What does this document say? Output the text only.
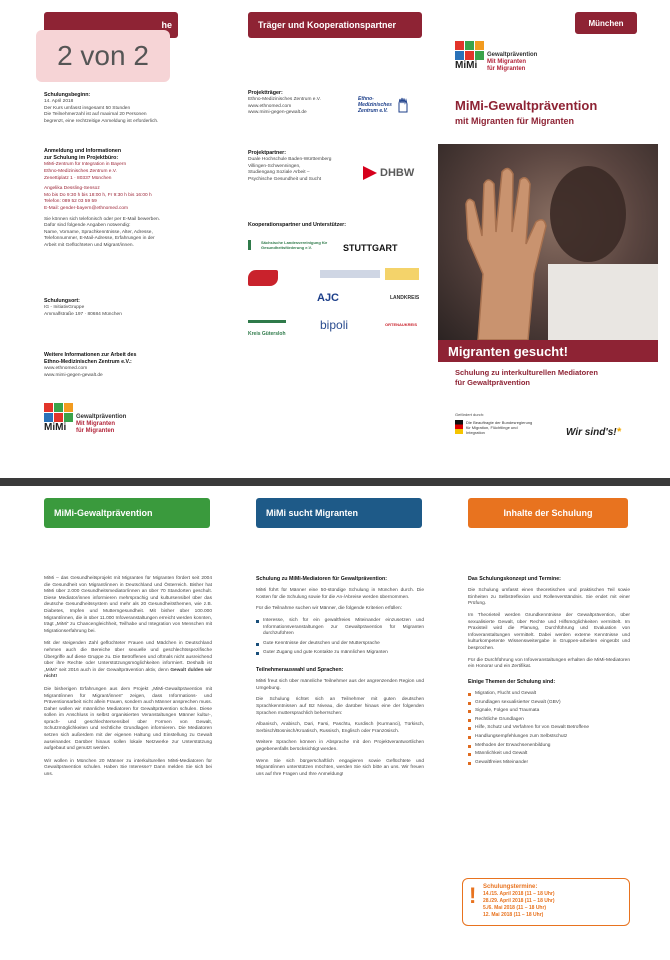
he
2 von 2
Schulungsbeginn:
14. April 2018
Der Kurs umfasst insgesamt 50 Stunden
Die Teilnehmerzahl ist auf maximal 20 Personen
begrenzt, eine rechtzeitige Anmeldung ist erforderlich.
Anmeldung und Informationen
zur Schulung im Projektbüro:
MiMi-Zentrum für Integration in Bayern
Ethno-Medizinisches Zentrum e.V.
Zenettiplatz 1 · 80337 München
Angelika Dessling-Sensoz
Mo bis Do 9:30 h bis 18:00 h, Fr 9:30 h bis 16:00 h
Telefon: 089 52 03 59 59
E-Mail: gender-bayern@ethnomed.com
Sie können sich telefonisch oder per E-Mail bewerben.
Dafür sind folgende Angaben notwendig:
Name, Vorname, Sprachkenntnisse, Alter, Adresse,
Telefonnummer, E-Mail-Adresse, Erfahrungen in der
Arbeit mit Geflüchteten und Migrant/innen.
Schulungsort:
IG - InitiativGruppe
Ammalfstraße 197 · 80684 München
Weitere Informationen zur Arbeit des
Ethno-Medizinischen Zentrum e.V.:
www.ethnomed.com
www.mimi-gegen-gewalt.de
MiMi
Gewaltprävention
Mit Migranten
für Migranten
Träger und Kooperationspartner
Projektträger:
Ethno-Medizinisches Zentrum e.V.
www.ethnomed.com
www.mimi-gegen-gewalt.de
Ethno-
Medizinisches
Zentrum e.V.
Projektpartner:
Duale Hochschule Baden-Württemberg
Villingen-Schwenningen,
Studiengang Soziale Arbeit –
Psychische Gesundheit und Sucht
DHBW
Kooperationspartner und Unterstützer:
Sächsische Landesvereinigung für Gesundheitsförderung e.V.	STUTTGART
AJC	LANDKREIS
Kreis Gütersloh
bipoli	ORTENAUKREIS
München
MiMi
Gewaltprävention
Mit Migranten
für Migranten
MiMi-Gewaltprävention
mit Migranten für Migranten
Migranten gesucht!
Schulung zu interkulturellen Mediatoren
für Gewaltprävention
Gefördert durch:
Die Beauftragte der Bundesregierung
für Migration, Flüchtlinge und
Integration	Wir sind's!*
MiMi-Gewaltprävention

MiMi – das Gesundheitsprojekt mit Migranten für Migranten fördert seit 2004 die Gesundheit von Migrant/innen in Deutschland und Österreich. Bisher hat MiMi über 2.000 Gesundheitsmediator/innen an über 70 Standorten geschult. Diese Mediator/innen informieren mehrsprachig und kultursensibel über das deutsche Gesundheitssystem und mehr als 20 Gesundheitsthemen, wie z.B. Diabetes, Impfen und Mutterngesundheit. Mit bisher über 100.000 Migrant/innen, die in über 11.000 Infoveranstaltungen erreicht werden konnten, trägt „MiMi“ zu Chancengleichheit, Teilhabe und Integration von Menschen mit Migrationserfahrung bei.

Mit der steigenden Zahl geflüchteter Frauen und Mädchen in Deutschland nehmen auch die Bereiche über sexuelle und geschlechtsspezifische Übergriffe auf diese Gruppe zu. Die Betroffenen und oftmals nicht ausreichend über ihre Rechte oder Unterstützungsmöglichkeiten informiert. Deshalb ist „MiMi“ seit 2016 auch in der Gewaltprävention aktiv, denn Gewalt dulden wir nicht!

Die bisherigen Erfahrungen aus dem Projekt „MiMi-Gewaltprävention mit Migrant/innen für Migrant/innen“ zeigen, dass Informations- und Präventionsarbeit nicht allein Frauen, sondern auch Männer ansprechen muss. Daher wollen wir männliche Mediatoren für Gewaltprävention schulen. Diese sollen im Anschluss in selbst organisierten Veranstaltungen Männer kultur-, sprach- und geschlechtersensibel über Formen von Gewalt, Schutzmöglichkeiten und rechtliche Grundlagen informieren. Die Mediatoren setzen sich außerdem mit der eigenen Haltung und Einstellung zu Gewalt auseinander. Darüber hinaus sollen lokale Netzwerke zur Unterstützung aufgebaut und genutzt werden.

Wir wollen in München 20 Männer zu interkulturellen MiMi-Mediatoren für Gewaltprävention schulen. Haben Sie Interesse? Dann melden Sie sich bei uns.

MiMi sucht Migranten
Schulung zu MiMi-Mediatoren für Gewaltprävention:

MiMi führt für Männer eine 50-stündige Schulung in München durch. Die Kosten für die Schulung sowie für die An-/Abreise werden übernommen.

Für die Teilnahme suchen wir Männer, die folgende Kriterien erfüllen:

Interesse, sich für ein gewaltfreies Miteinander einzusetzen und Informationsveranstaltungen zur Gewaltprävention für Migranten durchzuführen
Gute Kenntnisse der deutschen und der Muttersprache
Guter Zugang und gute Kontakte zu männlichen Migranten
Teilnehmerauswahl und Sprachen:

MiMi freut sich über männliche Teilnehmer aus der angrenzenden Region und Umgebung.

Die Schulung richtet sich an Teilnehmer mit guten deutschen Sprachkenntnissen auf B2 Niveau, die darüber hinaus eine der folgenden Sprachen muttersprachlich beherrschen:

Albanisch, Arabisch, Dari, Farsi, Paschtu, Kurdisch (Kurmanci), Türkisch, Serbisch/Bosnisch/Kroatisch, Russisch, Englisch oder Französisch.

Weitere Sprachen können in Absprache mit den Projektverantwortlichen gegebenenfalls berücksichtigt werden.

Wenn Sie sich bürgerschaftlich engagieren sowie Geflüchtete und Migrant/innen unterstützen möchten, werden Sie sich bitte an uns. Wir freuen uns auf Ihre Fragen und Ihre Anmeldung!

Inhalte der Schulung
Das Schulungskonzept und Termine:

Die Schulung umfasst einen theoretischen und praktischen Teil sowie Einheiten zu Selbstreflexion und Rollenverständnis. Sie endet mit einer Prüfung.

Im Theorieteil werden Grundkenntnisse der Gewaltprävention, über sexualisierte Gewalt, über Rechte und Hilfsmöglichkeiten vermittelt. Im Praxisteil wird die Planung, Durchführung und Evaluation von Infoveranstaltungen vermittelt. Dabei werden externe Kenntnisse und kulturkompetente Wissensweitergabe in Gruppen-arbeiten eingeübt und besprochen.

Für die Durchführung von Infoveranstaltungen erhalten die MiMi-Mediatoren ein Honorar und ein Zertifikat.

Einige Themen der Schulung sind:
Migration, Flucht und Gewalt
Grundlagen sexualisierter Gewalt (GBV)
Signale, Folgen und Traumata
Rechtliche Grundlagen
Hilfe, Schutz und Verfahren für von Gewalt Betroffene
Handlungsempfehlungen zum Selbstschutz
Methoden der Erwachsenenbildung
Männlichkeit und Gewalt
Gewaltfreies Miteinander
! Schulungstermine:
14./15. April 2018 (11 – 18 Uhr)
28./29. April 2018 (11 – 18 Uhr)
5./6. Mai 2018 (11 – 18 Uhr)
12. Mai 2018 (11 – 18 Uhr)
